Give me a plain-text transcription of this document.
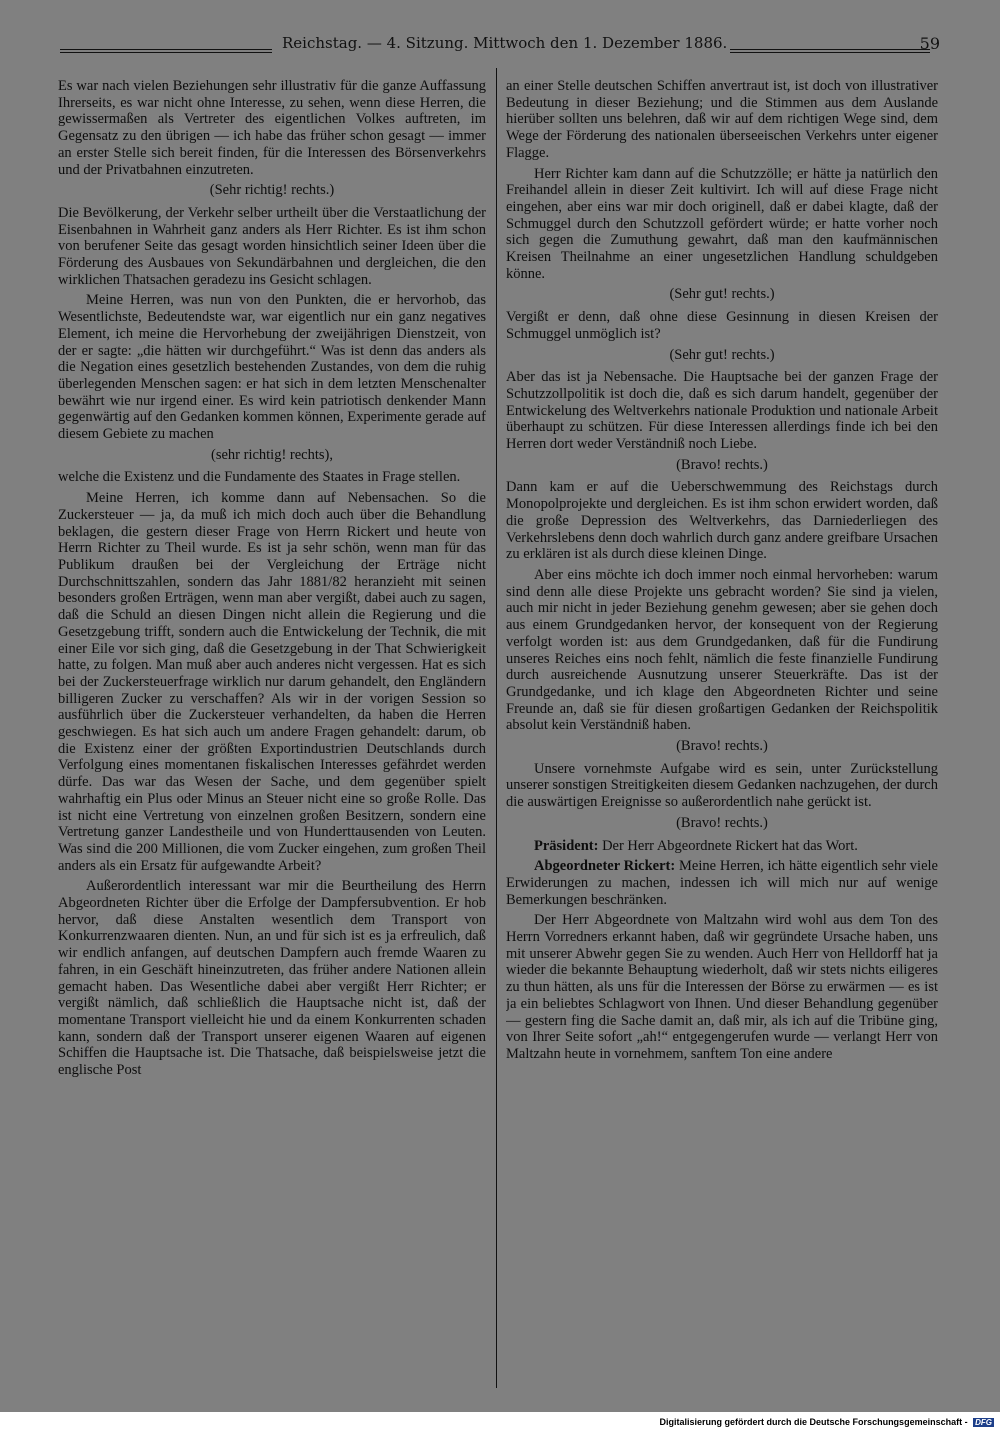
Reichstag. — 4. Sitzung. Mittwoch den 1. Dezember 1886.	59

Es war nach vielen Beziehungen sehr illustrativ für die ganze Auffassung Ihrerseits, es war nicht ohne Interesse, zu sehen, wenn diese Herren, die gewissermaßen als Vertreter des eigentlichen Volkes auftreten, im Gegensatz zu den übrigen — ich habe das früher schon gesagt — immer an erster Stelle sich bereit finden, für die Interessen des Börsenverkehrs und der Privatbahnen einzutreten.

(Sehr richtig! rechts.)

Die Bevölkerung, der Verkehr selber urtheilt über die Verstaatlichung der Eisenbahnen in Wahrheit ganz anders als Herr Richter. Es ist ihm schon von berufener Seite das gesagt worden hinsichtlich seiner Ideen über die Förderung des Ausbaues von Sekundärbahnen und dergleichen, die den wirklichen Thatsachen geradezu ins Gesicht schlagen.

Meine Herren, was nun von den Punkten, die er hervorhob, das Wesentlichste, Bedeutendste war, war eigentlich nur ein ganz negatives Element, ich meine die Hervorhebung der zweijährigen Dienstzeit, von der er sagte: „die hätten wir durchgeführt.“ Was ist denn das anders als die Negation eines gesetzlich bestehenden Zustandes, von dem die ruhig überlegenden Menschen sagen: er hat sich in dem letzten Menschenalter bewährt wie nur irgend einer. Es wird kein patriotisch denkender Mann gegenwärtig auf den Gedanken kommen können, Experimente gerade auf diesem Gebiete zu machen

(sehr richtig! rechts),

welche die Existenz und die Fundamente des Staates in Frage stellen.

Meine Herren, ich komme dann auf Nebensachen. So die Zuckersteuer — ja, da muß ich mich doch auch über die Behandlung beklagen, die gestern dieser Frage von Herrn Rickert und heute von Herrn Richter zu Theil wurde. Es ist ja sehr schön, wenn man für das Publikum draußen bei der Vergleichung der Erträge nicht Durchschnittszahlen, sondern das Jahr 1881/82 heranzieht mit seinen besonders großen Erträgen, wenn man aber vergißt, dabei auch zu sagen, daß die Schuld an diesen Dingen nicht allein die Regierung und die Gesetzgebung trifft, sondern auch die Entwickelung der Technik, die mit einer Eile vor sich ging, daß die Gesetzgebung in der That Schwierigkeit hatte, zu folgen. Man muß aber auch anderes nicht vergessen. Hat es sich bei der Zuckersteuerfrage wirklich nur darum gehandelt, den Engländern billigeren Zucker zu verschaffen? Als wir in der vorigen Session so ausführlich über die Zuckersteuer verhandelten, da haben die Herren geschwiegen. Es hat sich auch um andere Fragen gehandelt: darum, ob die Existenz einer der größten Exportindustrien Deutschlands durch Verfolgung eines momentanen fiskalischen Interesses gefährdet werden dürfe. Das war das Wesen der Sache, und dem gegenüber spielt wahrhaftig ein Plus oder Minus an Steuer nicht eine so große Rolle. Das ist nicht eine Vertretung von einzelnen großen Besitzern, sondern eine Vertretung ganzer Landestheile und von Hunderttausenden von Leuten. Was sind die 200 Millionen, die vom Zucker eingehen, zum großen Theil anders als ein Ersatz für aufgewandte Arbeit?

Außerordentlich interessant war mir die Beurtheilung des Herrn Abgeordneten Richter über die Erfolge der Dampfersubvention. Er hob hervor, daß diese Anstalten wesentlich dem Transport von Konkurrenzwaaren dienten. Nun, an und für sich ist es ja erfreulich, daß wir endlich anfangen, auf deutschen Dampfern auch fremde Waaren zu fahren, in ein Geschäft hineinzutreten, das früher andere Nationen allein gemacht haben. Das Wesentliche dabei aber vergißt Herr Richter; er vergißt nämlich, daß schließlich die Hauptsache nicht ist, daß der momentane Transport vielleicht hie und da einem Konkurrenten schaden kann, sondern daß der Transport unserer eigenen Waaren auf eigenen Schiffen die Hauptsache ist. Die Thatsache, daß beispielsweise jetzt die englische Post

an einer Stelle deutschen Schiffen anvertraut ist, ist doch von illustrativer Bedeutung in dieser Beziehung; und die Stimmen aus dem Auslande hierüber sollten uns belehren, daß wir auf dem richtigen Wege sind, dem Wege der Förderung des nationalen überseeischen Verkehrs unter eigener Flagge.

Herr Richter kam dann auf die Schutzzölle; er hätte ja natürlich den Freihandel allein in dieser Zeit kultivirt. Ich will auf diese Frage nicht eingehen, aber eins war mir doch originell, daß er dabei klagte, daß der Schmuggel durch den Schutzzoll gefördert würde; er hatte vorher noch sich gegen die Zumuthung gewahrt, daß man den kaufmännischen Kreisen Theilnahme an einer ungesetzlichen Handlung schuldgeben könne.

(Sehr gut! rechts.)

Vergißt er denn, daß ohne diese Gesinnung in diesen Kreisen der Schmuggel unmöglich ist?

(Sehr gut! rechts.)

Aber das ist ja Nebensache. Die Hauptsache bei der ganzen Frage der Schutzzollpolitik ist doch die, daß es sich darum handelt, gegenüber der Entwickelung des Weltverkehrs nationale Produktion und nationale Arbeit überhaupt zu schützen. Für diese Interessen allerdings finde ich bei den Herren dort weder Verständniß noch Liebe.

(Bravo! rechts.)

Dann kam er auf die Ueberschwemmung des Reichstags durch Monopolprojekte und dergleichen. Es ist ihm schon erwidert worden, daß die große Depression des Weltverkehrs, das Darniederliegen des Verkehrslebens denn doch wahrlich durch ganz andere greifbare Ursachen zu erklären ist als durch diese kleinen Dinge.

Aber eins möchte ich doch immer noch einmal hervorheben: warum sind denn alle diese Projekte uns gebracht worden? Sie sind ja vielen, auch mir nicht in jeder Beziehung genehm gewesen; aber sie gehen doch aus einem Grundgedanken hervor, der konsequent von der Regierung verfolgt worden ist: aus dem Grundgedanken, daß für die Fundirung unseres Reiches eins noch fehlt, nämlich die feste finanzielle Fundirung durch ausreichende Ausnutzung unserer Steuerkräfte. Das ist der Grundgedanke, und ich klage den Abgeordneten Richter und seine Freunde an, daß sie für diesen großartigen Gedanken der Reichspolitik absolut kein Verständniß haben.

(Bravo! rechts.)

Unsere vornehmste Aufgabe wird es sein, unter Zurückstellung unserer sonstigen Streitigkeiten diesem Gedanken nachzugehen, der durch die auswärtigen Ereignisse so außerordentlich nahe gerückt ist.

(Bravo! rechts.)

Präsident: Der Herr Abgeordnete Rickert hat das Wort.

Abgeordneter Rickert: Meine Herren, ich hätte eigentlich sehr viele Erwiderungen zu machen, indessen ich will mich nur auf wenige Bemerkungen beschränken.

Der Herr Abgeordnete von Maltzahn wird wohl aus dem Ton des Herrn Vorredners erkannt haben, daß wir gegründete Ursache haben, uns mit unserer Abwehr gegen Sie zu wenden. Auch Herr von Helldorff hat ja wieder die bekannte Behauptung wiederholt, daß wir stets nichts eiligeres zu thun hätten, als uns für die Interessen der Börse zu erwärmen — es ist ja ein beliebtes Schlagwort von Ihnen. Und dieser Behandlung gegenüber — gestern fing die Sache damit an, daß mir, als ich auf die Tribüne ging, von Ihrer Seite sofort „ah!“ entgegengerufen wurde — verlangt Herr von Maltzahn heute in vornehmem, sanftem Ton eine andere

Digitalisierung gefördert durch die Deutsche Forschungsgemeinschaft - DFG
